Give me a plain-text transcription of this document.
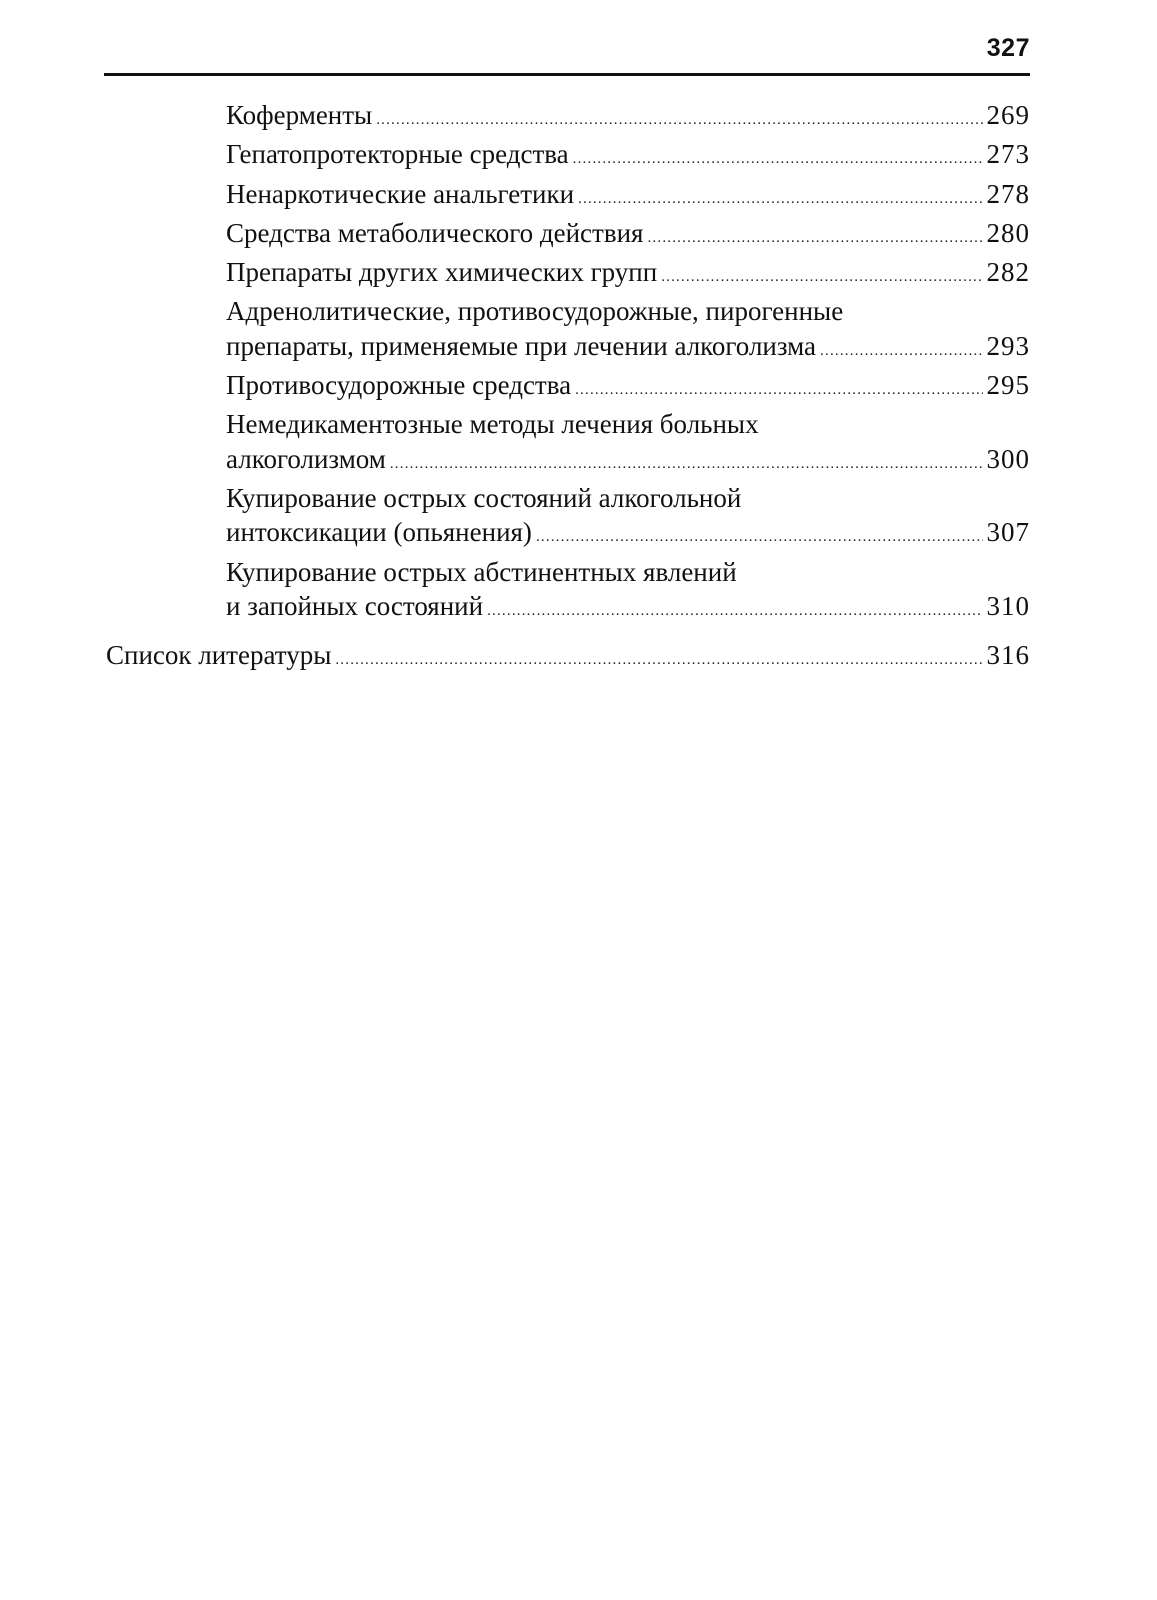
327
Коферменты .....	269
Гепатопротекторные средства .....	273
Ненаркотические анальгетики .....	278
Средства метаболического действия .....	280
Препараты других химических групп .....	282
Адренолитические, противосудорожные, пирогенные
препараты, применяемые при лечении алкоголизма .....	293
Противосудорожные средства .....	295
Немедикаментозные методы лечения больных
алкоголизмом .....	300
Купирование острых состояний алкогольной
интоксикации (опьянения) .....	307
Купирование острых абстинентных явлений
и запойных состояний .....	310
Список литературы .....	316
